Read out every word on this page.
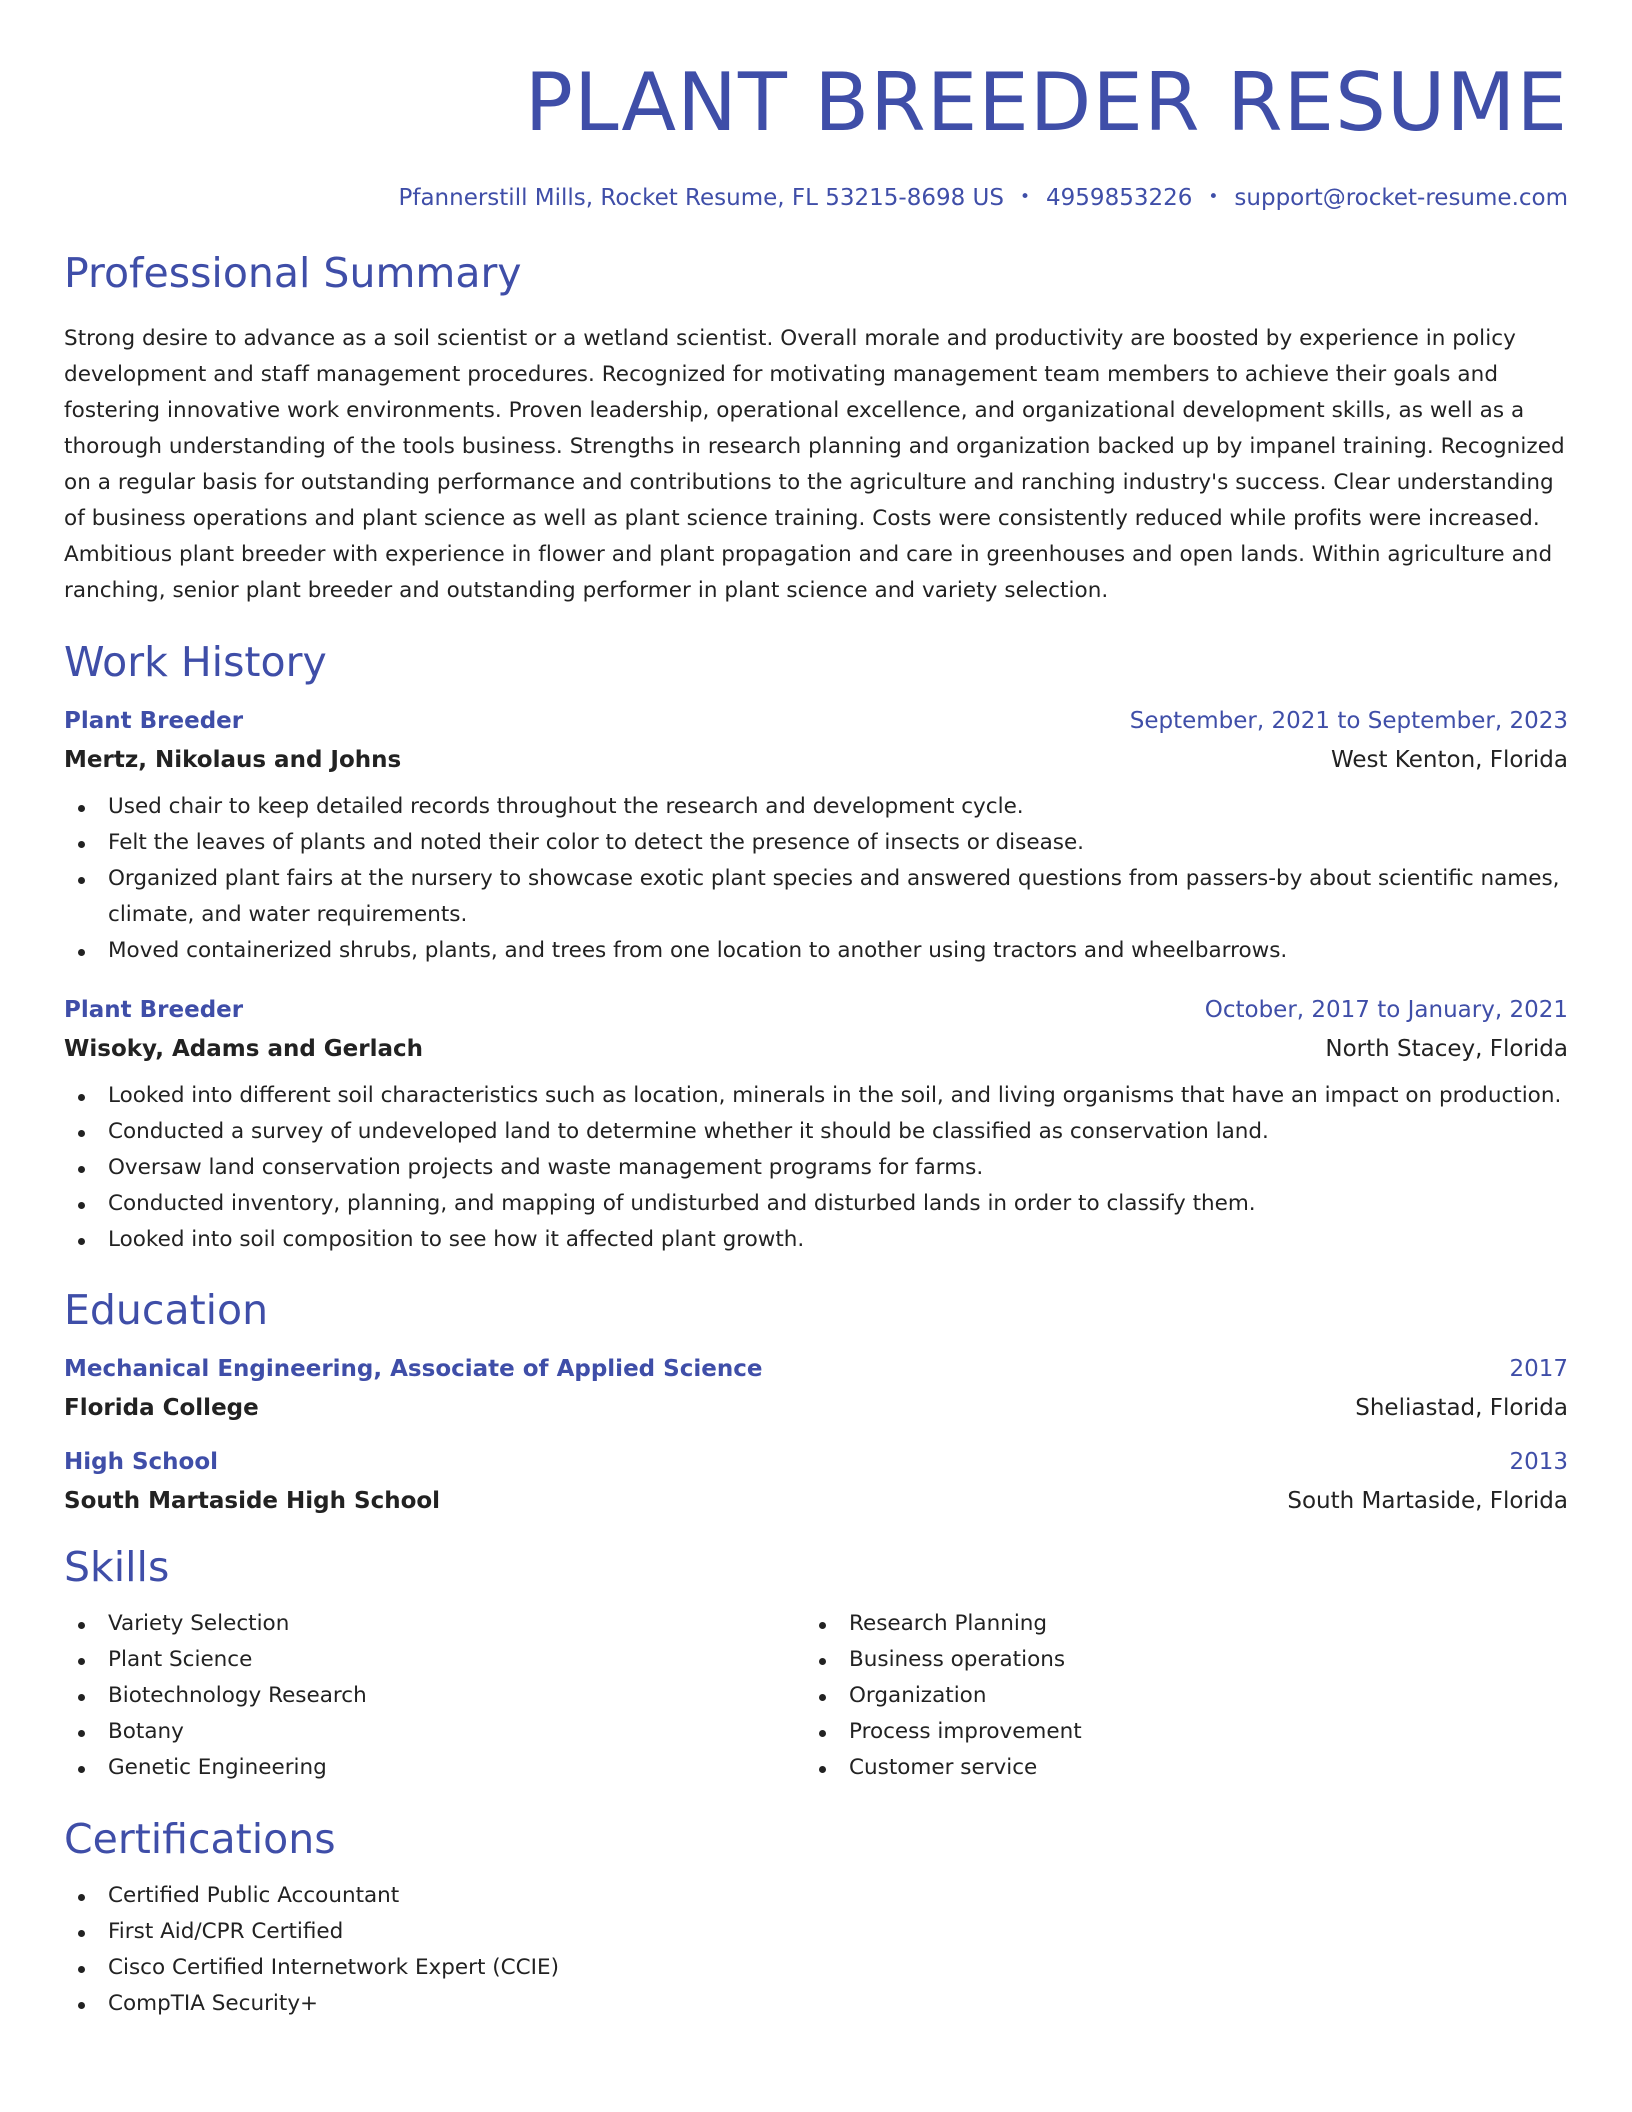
PLANT BREEDER RESUME
Pfannerstill Mills, Rocket Resume, FL 53215-8698 US • 4959853226 • support@rocket-resume.com
Professional Summary

Strong desire to advance as a soil scientist or a wetland scientist. Overall morale and productivity are boosted by experience in policy development and staff management procedures. Recognized for motivating management team members to achieve their goals and fostering innovative work environments. Proven leadership, operational excellence, and organizational development skills, as well as a thorough understanding of the tools business. Strengths in research planning and organization backed up by impanel training. Recognized on a regular basis for outstanding performance and contributions to the agriculture and ranching industry's success. Clear understanding of business operations and plant science as well as plant science training. Costs were consistently reduced while profits were increased. Ambitious plant breeder with experience in flower and plant propagation and care in greenhouses and open lands. Within agriculture and ranching, senior plant breeder and outstanding performer in plant science and variety selection.

Work History
Plant Breeder	September, 2021 to September, 2023
Mertz, Nikolaus and Johns	West Kenton, Florida
Used chair to keep detailed records throughout the research and development cycle.
Felt the leaves of plants and noted their color to detect the presence of insects or disease.
Organized plant fairs at the nursery to showcase exotic plant species and answered questions from passers-by about scientific names, climate, and water requirements.
Moved containerized shrubs, plants, and trees from one location to another using tractors and wheelbarrows.
Plant Breeder	October, 2017 to January, 2021
Wisoky, Adams and Gerlach	North Stacey, Florida
Looked into different soil characteristics such as location, minerals in the soil, and living organisms that have an impact on production.
Conducted a survey of undeveloped land to determine whether it should be classified as conservation land.
Oversaw land conservation projects and waste management programs for farms.
Conducted inventory, planning, and mapping of undisturbed and disturbed lands in order to classify them.
Looked into soil composition to see how it affected plant growth.
Education
Mechanical Engineering, Associate of Applied Science	2017
Florida College	Sheliastad, Florida
High School	2013
South Martaside High School	South Martaside, Florida
Skills
Variety Selection
Plant Science
Biotechnology Research
Botany
Genetic Engineering
Research Planning
Business operations
Organization
Process improvement
Customer service
Certifications
Certified Public Accountant
First Aid/CPR Certified
Cisco Certified Internetwork Expert (CCIE)
CompTIA Security+
